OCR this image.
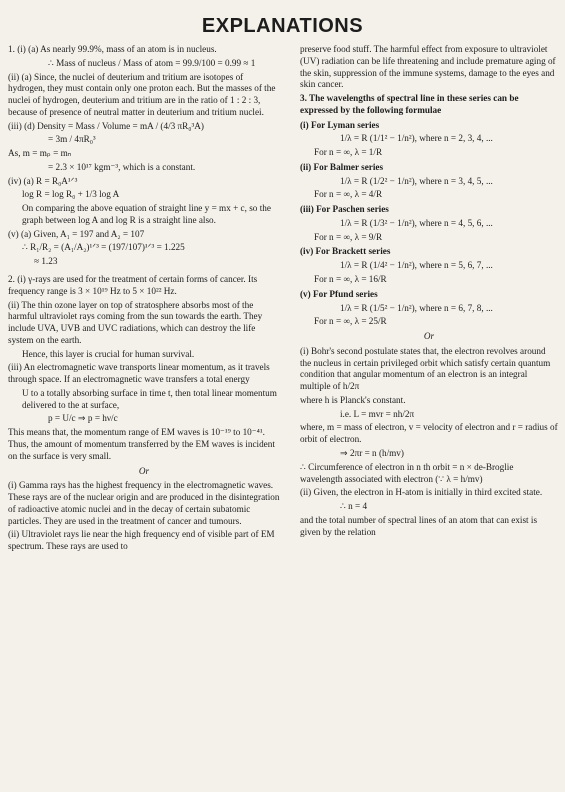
EXPLANATIONS

1. (i) (a) As nearly 99.9%, mass of an atom is in nucleus.

∴ Mass of nucleus / Mass of atom = 99.9/100 = 0.99 ≈ 1

(ii) (a) Since, the nuclei of deuterium and tritium are isotopes of hydrogen, they must contain only one proton each. But the masses of the nuclei of hydrogen, deuterium and tritium are in the ratio of 1 : 2 : 3, because of presence of neutral matter in deuterium and tritium nuclei.

(iii) (d) Density = Mass / Volume = mA / (4/3 πR₀³A)

= 3m / 4πR₀³

As, m = mₚ = mₙ

= 2.3 × 10¹⁷ kgm⁻³, which is a constant.

(iv) (a) R = R₀A¹ᐟ³

log R = log R₀ + 1/3 log A

On comparing the above equation of straight line y = mx + c, so the graph between log A and log R is a straight line also.

(v) (a) Given, A₁ = 197 and A₂ = 107

∴ R₁/R₂ = (A₁/A₂)¹ᐟ³ = (197/107)¹ᐟ³ = 1.225

≈ 1.23

2. (i) γ-rays are used for the treatment of certain forms of cancer. Its frequency range is 3 × 10¹⁹ Hz to 5 × 10²² Hz.

(ii) The thin ozone layer on top of stratosphere absorbs most of the harmful ultraviolet rays coming from the sun towards the earth. They include UVA, UVB and UVC radiations, which can destroy the life system on the earth.

Hence, this layer is crucial for human survival.

(iii) An electromagnetic wave transports linear momentum, as it travels through space. If an electromagnetic wave transfers a total energy

U to a totally absorbing surface in time t, then total linear momentum delivered to the at surface,

p = U/c ⇒ p = hν/c

This means that, the momentum range of EM waves is 10⁻¹⁹ to 10⁻⁴¹. Thus, the amount of momentum transferred by the EM waves is incident on the surface is very small.

Or

(i) Gamma rays has the highest frequency in the electromagnetic waves. These rays are of the nuclear origin and are produced in the disintegration of radioactive atomic nuclei and in the decay of certain subatomic particles. They are used in the treatment of cancer and tumours.

(ii) Ultraviolet rays lie near the high frequency end of visible part of EM spectrum. These rays are used to

preserve food stuff. The harmful effect from exposure to ultraviolet (UV) radiation can be life threatening and include premature aging of the skin, suppression of the immune systems, damage to the eyes and skin cancer.

3. The wavelengths of spectral line in these series can be expressed by the following formulae

(i) For Lyman series

1/λ = R (1/1² − 1/n²), where n = 2, 3, 4, ...

For n = ∞, λ = 1/R

(ii) For Balmer series

1/λ = R (1/2² − 1/n²), where n = 3, 4, 5, ...

For n = ∞, λ = 4/R

(iii) For Paschen series

1/λ = R (1/3² − 1/n²), where n = 4, 5, 6, ...

For n = ∞, λ = 9/R

(iv) For Brackett series

1/λ = R (1/4² − 1/n²), where n = 5, 6, 7, ...

For n = ∞, λ = 16/R

(v) For Pfund series

1/λ = R (1/5² − 1/n²), where n = 6, 7, 8, ...

For n = ∞, λ = 25/R

Or

(i) Bohr's second postulate states that, the electron revolves around the nucleus in certain privileged orbit which satisfy certain quantum condition that angular momentum of an electron is an integral multiple of h/2π

where h is Planck's constant.

i.e. L = mvr = nh/2π

where, m = mass of electron, v = velocity of electron and r = radius of orbit of electron.

⇒ 2πr = n (h/mv)

∴ Circumference of electron in n th orbit = n × de-Broglie wavelength associated with electron (∵ λ = h/mv)

(ii) Given, the electron in H-atom is initially in third excited state.

∴ n = 4

and the total number of spectral lines of an atom that can exist is given by the relation
